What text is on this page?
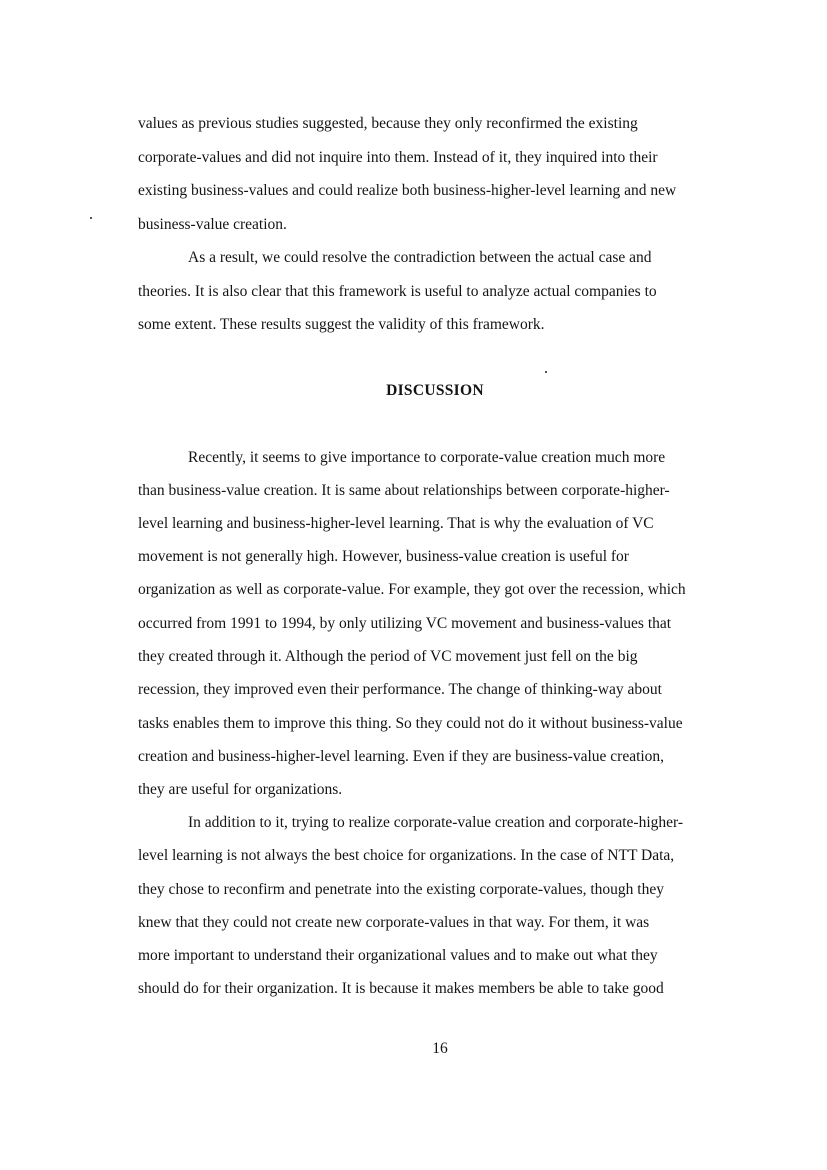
values as previous studies suggested, because they only reconfirmed the existing
corporate-values and did not inquire into them. Instead of it, they inquired into their
existing business-values and could realize both business-higher-level learning and new
business-value creation.
As a result, we could resolve the contradiction between the actual case and
theories. It is also clear that this framework is useful to analyze actual companies to
some extent. These results suggest the validity of this framework.
DISCUSSION
Recently, it seems to give importance to corporate-value creation much more
than business-value creation. It is same about relationships between corporate-higher-
level learning and business-higher-level learning. That is why the evaluation of VC
movement is not generally high. However, business-value creation is useful for
organization as well as corporate-value. For example, they got over the recession, which
occurred from 1991 to 1994, by only utilizing VC movement and business-values that
they created through it. Although the period of VC movement just fell on the big
recession, they improved even their performance. The change of thinking-way about
tasks enables them to improve this thing. So they could not do it without business-value
creation and business-higher-level learning. Even if they are business-value creation,
they are useful for organizations.
In addition to it, trying to realize corporate-value creation and corporate-higher-
level learning is not always the best choice for organizations. In the case of NTT Data,
they chose to reconfirm and penetrate into the existing corporate-values, though they
knew that they could not create new corporate-values in that way. For them, it was
more important to understand their organizational values and to make out what they
should do for their organization. It is because it makes members be able to take good
16
